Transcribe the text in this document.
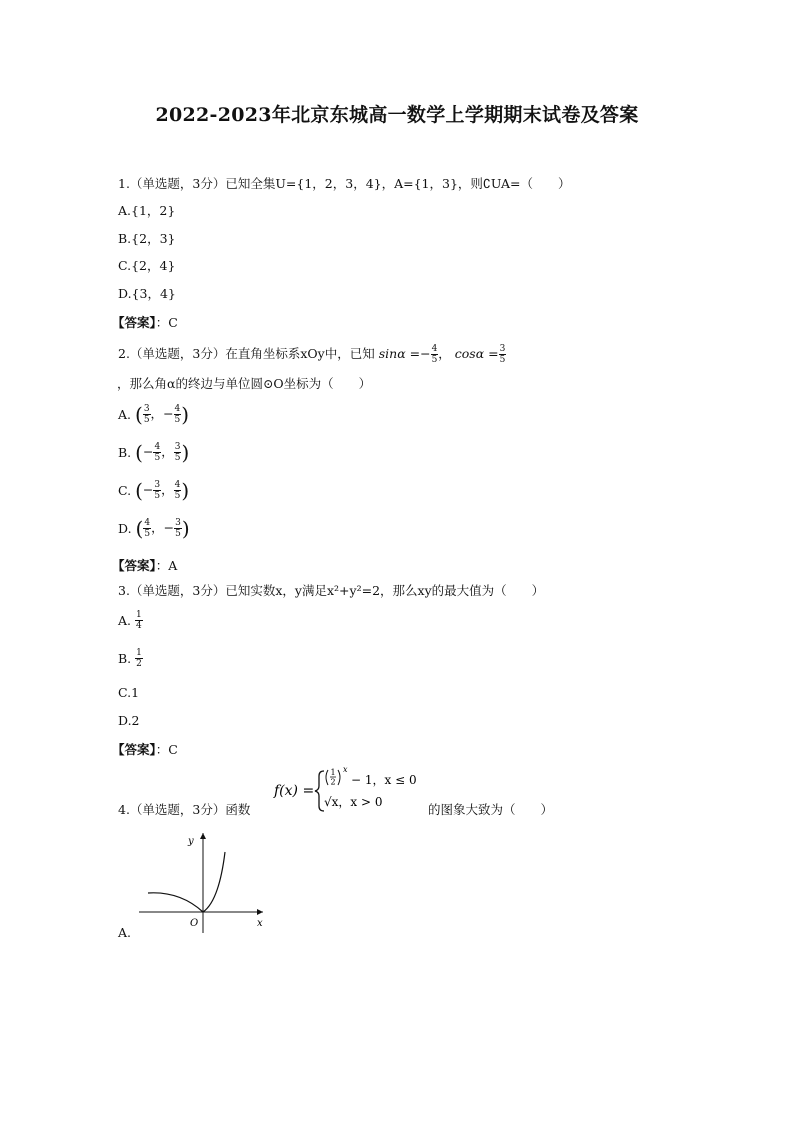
2022-2023年北京东城高一数学上学期期末试卷及答案
1.（单选题，3分）已知全集U={1，2，3，4}，A={1，3}，则∁UA=（　　）
A.{1，2}
B.{2，3}
C.{2，4}
D.{3，4}
【答案】：C
2.（单选题，3分）在直角坐标系xOy中，已知 $\sin\alpha =- \frac{4}{5}$ ， $\cos\alpha = \frac{3}{5}$
，那么角α的终边与单位圆⊙O坐标为（　　）
A. ( $\frac{3}{5}$ ，− $\frac{4}{5}$ )
B. (− $\frac{4}{5}$ ， $\frac{3}{5}$ )
C. (− $\frac{3}{5}$ ， $\frac{4}{5}$ )
D. ( $\frac{4}{5}$ ，− $\frac{3}{5}$ )
【答案】：A
3.（单选题，3分）已知实数x，y满足x²+y²=2，那么xy的最大值为（　　）
A. $\frac{1}{4}$
B. $\frac{1}{2}$
C.1
D.2
【答案】：C
4.（单选题，3分）函数
f(x) =
1
2
x
− 1，x ≤ 0
√x，x > 0	的图象大致为（　　）
y
x
O
A.
